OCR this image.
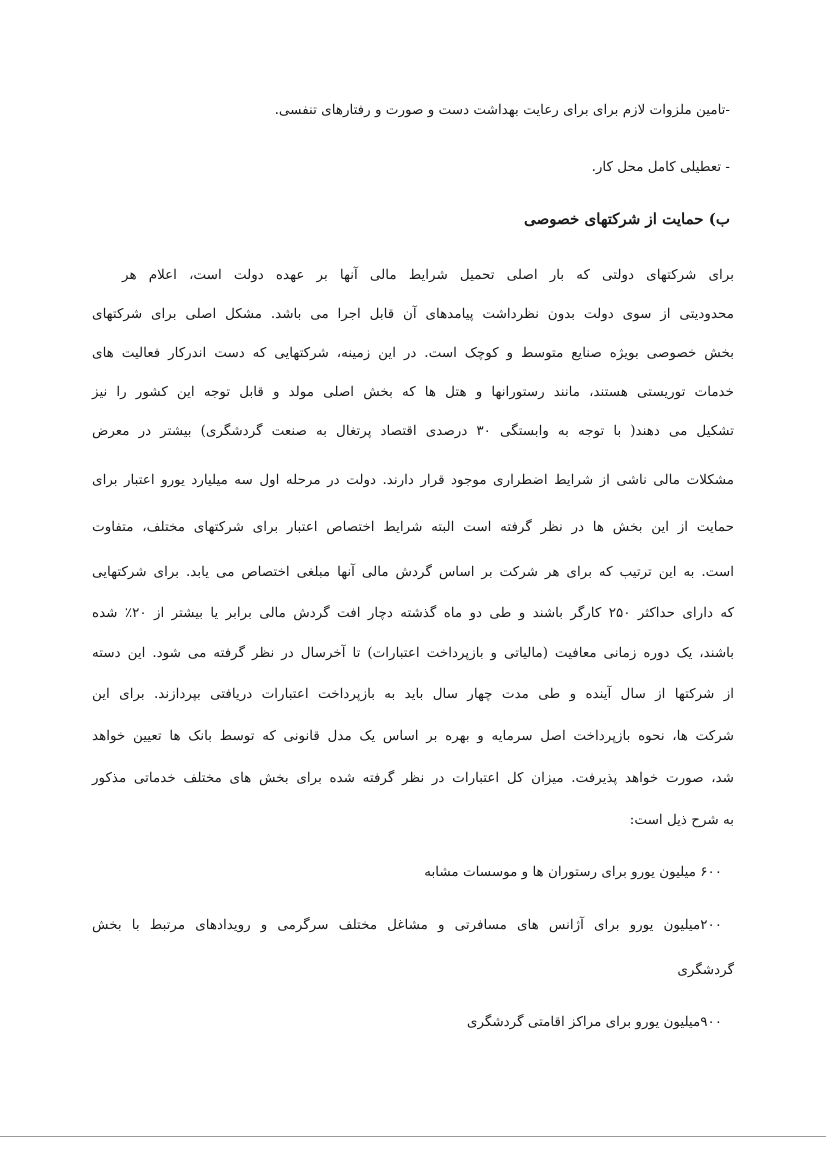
-تامین ملزوات لازم برای برای رعایت بهداشت دست و صورت و رفتارهای تنفسی.
- تعطیلی کامل محل کار.
ب) حمایت از شرکتهای خصوصی
برای شرکتهای دولتی که بار اصلی تحمیل شرایط مالی آنها بر عهده دولت است، اعلام هر
محدودیتی از سوی دولت بدون نظرداشت پیامدهای آن قابل اجرا می باشد. مشکل اصلی برای شرکتهای
بخش خصوصی بویژه صنایع متوسط و کوچک است. در این زمینه، شرکتهایی که دست اندرکار فعالیت های
خدمات توریستی هستند، مانند رستورانها و هتل ها که بخش اصلی مولد و قابل توجه این کشور را نیز
تشکیل می دهند( با توجه به وابستگی ۳۰ درصدی اقتصاد پرتغال به صنعت گردشگری) بیشتر در معرض
مشکلات مالی ناشی از شرایط اضطراری موجود قرار دارند. دولت در مرحله اول سه میلیارد یورو اعتبار برای
حمایت از این بخش ها در نظر گرفته است البته شرایط اختصاص اعتبار برای شرکتهای مختلف، متفاوت
است. به این ترتیب که برای هر شرکت بر اساس گردش مالی آنها مبلغی اختصاص می یابد. برای شرکتهایی
که دارای حداکثر ۲۵۰ کارگر باشند و طی دو ماه گذشته دچار افت گردش مالی برابر یا بیشتر از ۲۰٪ شده
باشند، یک دوره زمانی معافیت (مالیاتی و بازپرداخت اعتبارات) تا آخرسال در نظر گرفته می شود. این دسته
از شرکتها از سال آینده و طی مدت چهار سال باید به بازپرداخت اعتبارات دریافتی بپردازند. برای این
شرکت ها، نحوه بازپرداخت اصل سرمایه و بهره بر اساس یک مدل قانونی که توسط بانک ها تعیین خواهد
شد، صورت خواهد پذیرفت. میزان کل اعتبارات در نظر گرفته شده برای بخش های مختلف خدماتی مذکور
به شرح ذیل است:
۶۰۰ میلیون یورو برای رستوران ها و موسسات مشابه
۲۰۰میلیون یورو برای آژانس های مسافرتی و مشاغل مختلف سرگرمی و رویدادهای مرتبط با بخش
گردشگری
۹۰۰میلیون یورو برای مراکز اقامتی گردشگری
